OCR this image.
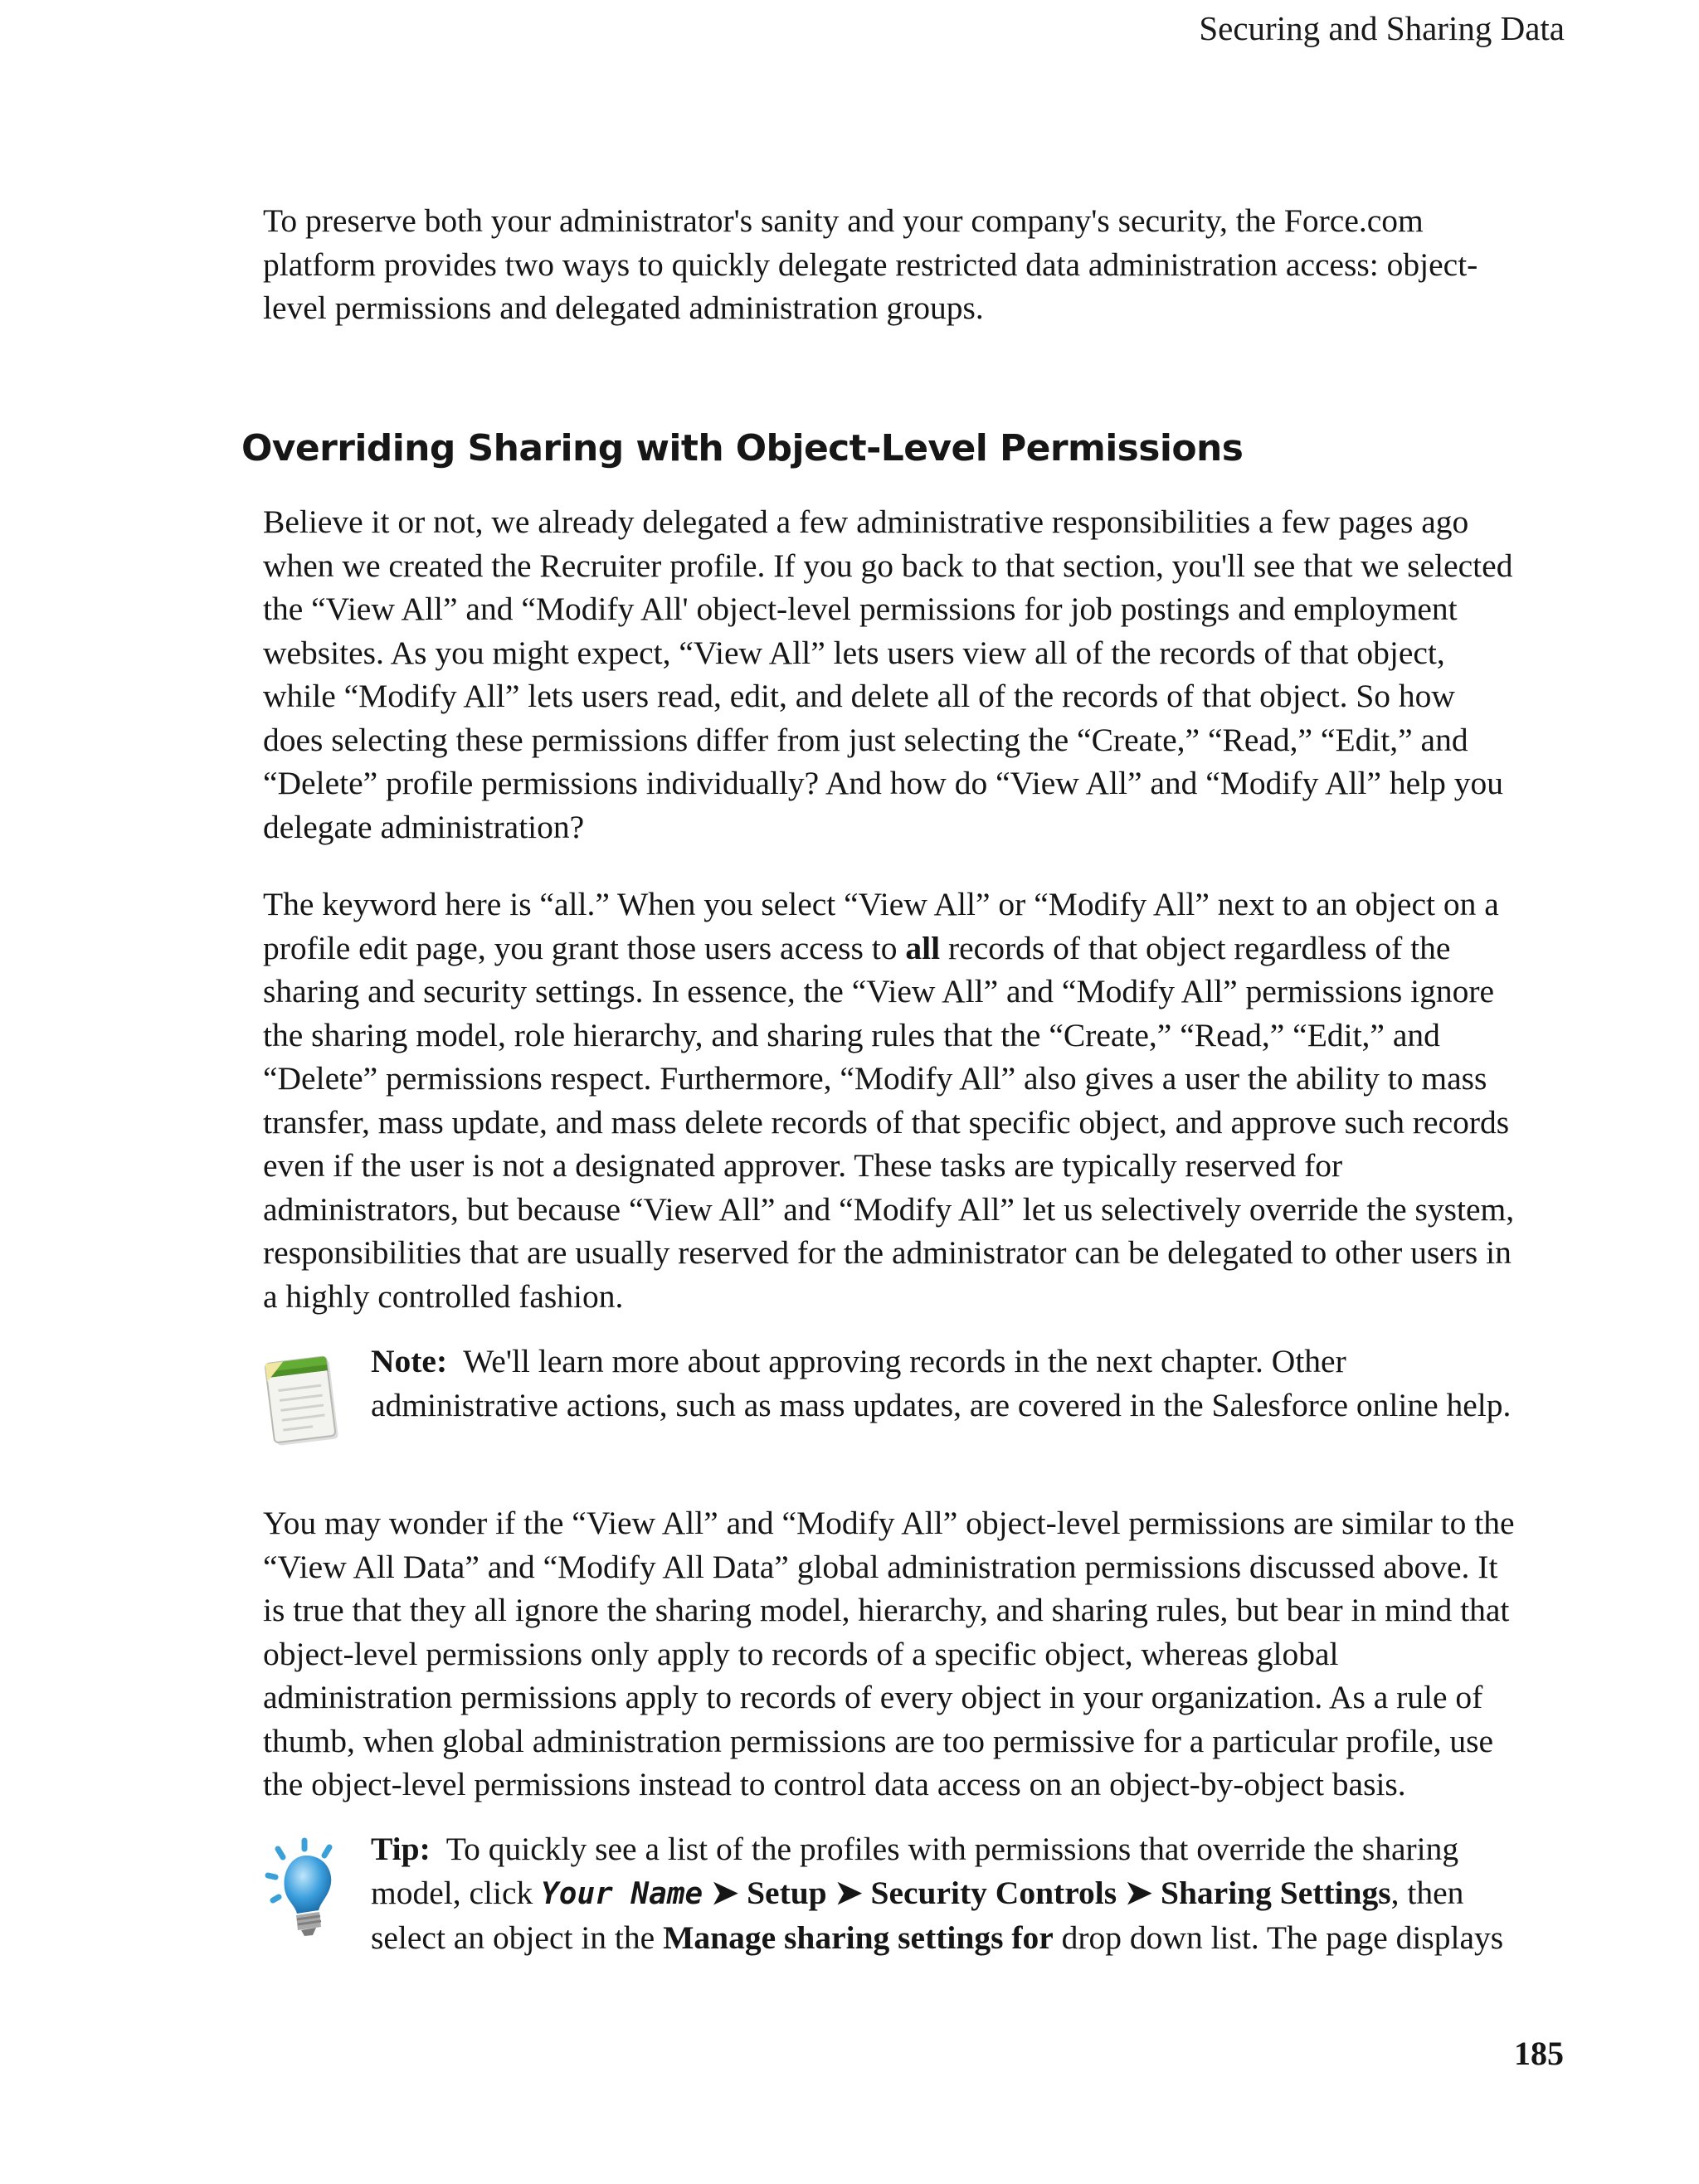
Securing and Sharing Data

To preserve both your administrator's sanity and your company's security, the Force.com platform provides two ways to quickly delegate restricted data administration access: object-level permissions and delegated administration groups.

Overriding Sharing with Object-Level Permissions

Believe it or not, we already delegated a few administrative responsibilities a few pages ago when we created the Recruiter profile. If you go back to that section, you'll see that we selected the “View All” and “Modify All' object-level permissions for job postings and employment websites. As you might expect, “View All” lets users view all of the records of that object, while “Modify All” lets users read, edit, and delete all of the records of that object. So how does selecting these permissions differ from just selecting the “Create,” “Read,” “Edit,” and “Delete” profile permissions individually? And how do “View All” and “Modify All” help you delegate administration?

The keyword here is “all.” When you select “View All” or “Modify All” next to an object on a profile edit page, you grant those users access to all records of that object regardless of the sharing and security settings. In essence, the “View All” and “Modify All” permissions ignore the sharing model, role hierarchy, and sharing rules that the “Create,” “Read,” “Edit,” and “Delete” permissions respect. Furthermore, “Modify All” also gives a user the ability to mass transfer, mass update, and mass delete records of that specific object, and approve such records even if the user is not a designated approver. These tasks are typically reserved for administrators, but because “View All” and “Modify All” let us selectively override the system, responsibilities that are usually reserved for the administrator can be delegated to other users in a highly controlled fashion.

Note: We'll learn more about approving records in the next chapter. Other administrative actions, such as mass updates, are covered in the Salesforce online help.

You may wonder if the “View All” and “Modify All” object-level permissions are similar to the “View All Data” and “Modify All Data” global administration permissions discussed above. It is true that they all ignore the sharing model, hierarchy, and sharing rules, but bear in mind that object-level permissions only apply to records of a specific object, whereas global administration permissions apply to records of every object in your organization. As a rule of thumb, when global administration permissions are too permissive for a particular profile, use the object-level permissions instead to control data access on an object-by-object basis.

Tip: To quickly see a list of the profiles with permissions that override the sharing model, click Your Name ➤ Setup ➤ Security Controls ➤ Sharing Settings, then select an object in the Manage sharing settings for drop down list. The page displays

185
